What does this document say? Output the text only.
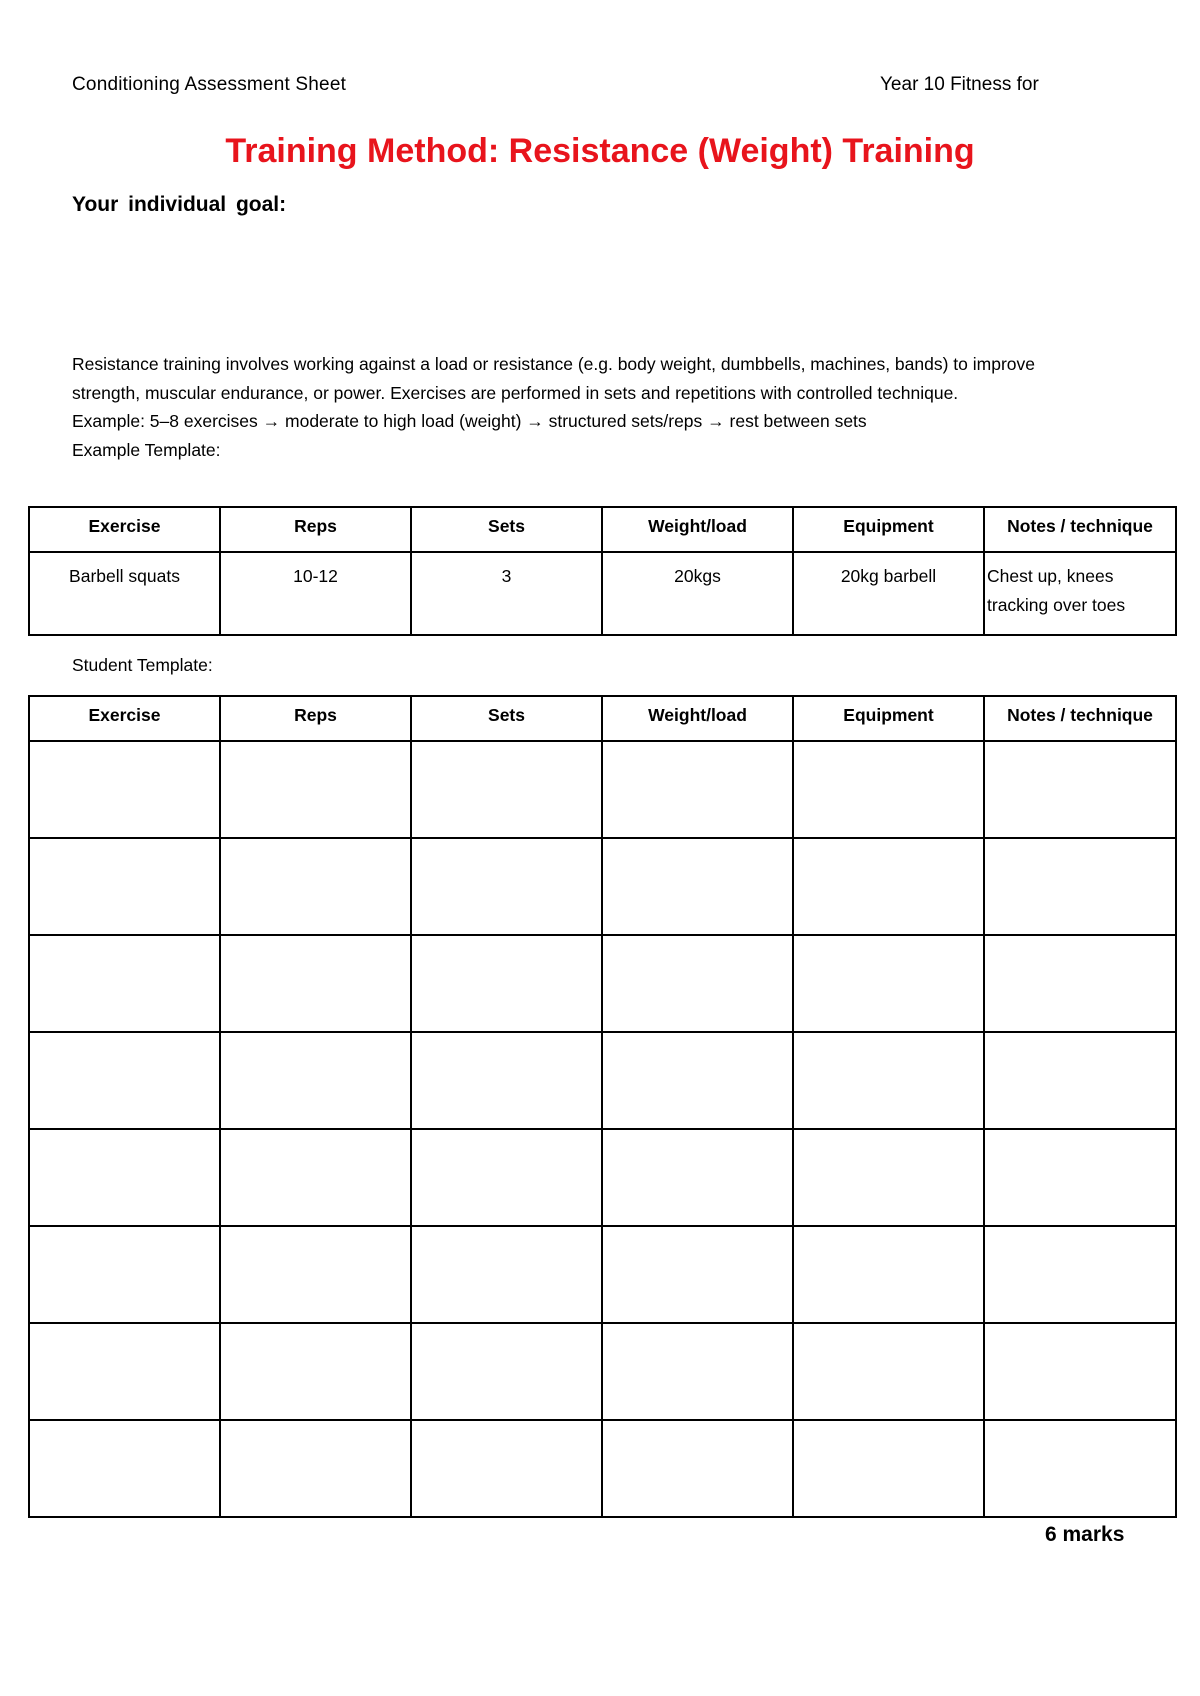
Conditioning Assessment Sheet	Year 10 Fitness for
Training Method: Resistance (Weight) Training
Your individual goal:

Resistance training involves working against a load or resistance (e.g. body weight, dumbbells, machines, bands) to improve strength, muscular endurance, or power. Exercises are performed in sets and repetitions with controlled technique.

Example: 5–8 exercises → moderate to high load (weight) → structured sets/reps → rest between sets

Example Template:

Exercise	Reps	Sets	Weight/load	Equipment	Notes / technique
Barbell squats	10-12	3	20kgs	20kg barbell	Chest up, knees tracking over toes
Student Template:
Exercise	Reps	Sets	Weight/load	Equipment	Notes / technique

6 marks
